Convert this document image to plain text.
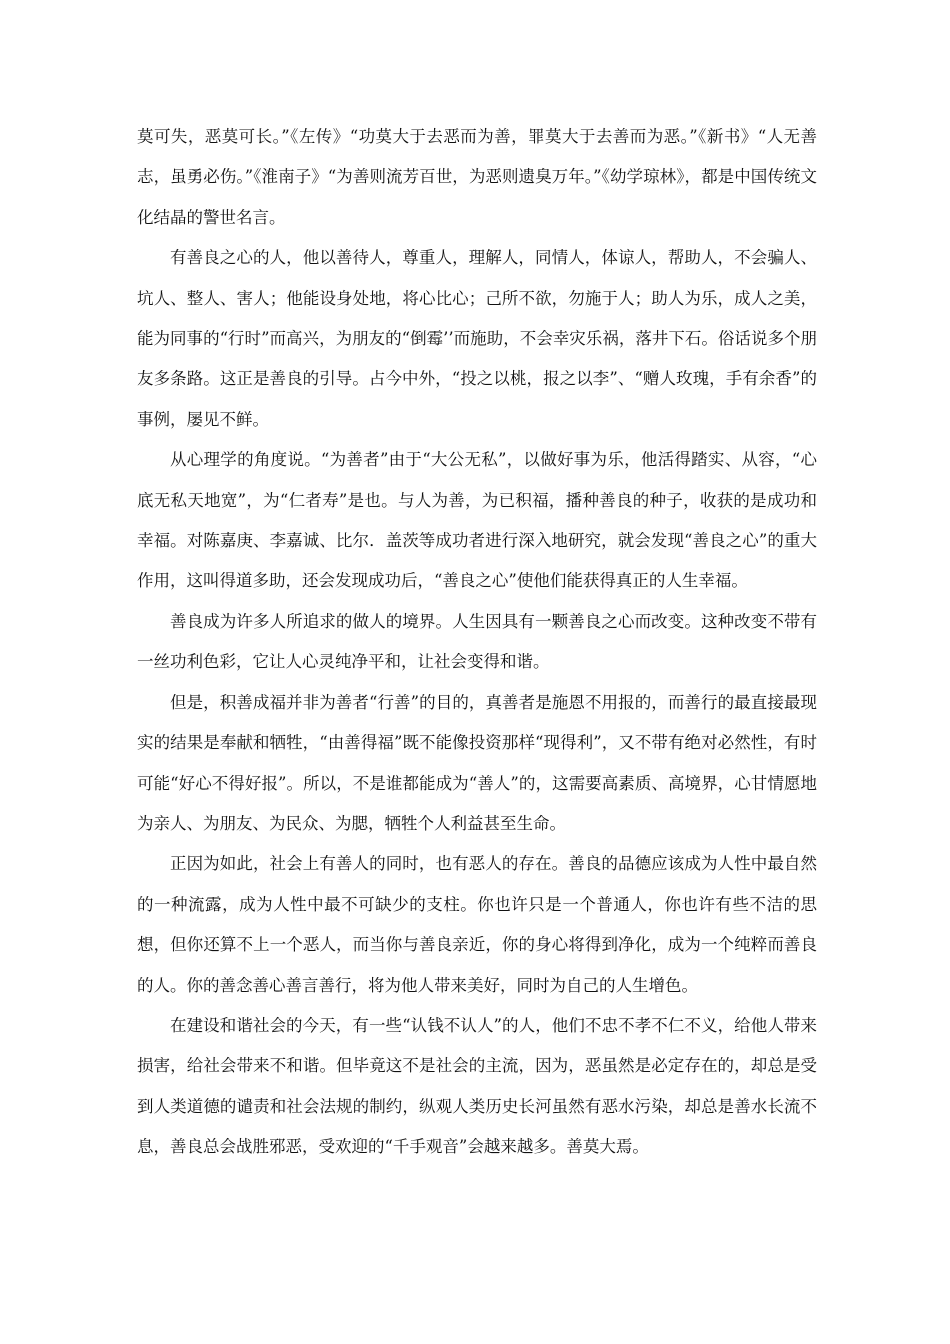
莫可失，恶莫可长。”《左传》“功莫大于去恶而为善，罪莫大于去善而为恶。”《新书》“人无善志，虽勇必伤。”《淮南子》“为善则流芳百世，为恶则遗臭万年。”《幼学琼林》，都是中国传统文化结晶的警世名言。

有善良之心的人，他以善待人，尊重人，理解人，同情人，体谅人，帮助人，不会骗人、坑人、整人、害人；他能设身处地，将心比心；己所不欲，勿施于人；助人为乐，成人之美，能为同事的“行时”而高兴，为朋友的“倒霉’’而施助，不会幸灾乐祸，落井下石。俗话说多个朋友多条路。这正是善良的引导。占今中外，“投之以桃，报之以李”、“赠人玫瑰，手有余香”的事例，屡见不鲜。

从心理学的角度说。“为善者”由于“大公无私”，以做好事为乐，他活得踏实、从容，“心底无私天地宽”，为“仁者寿”是也。与人为善，为已积福，播种善良的种子，收获的是成功和幸福。对陈嘉庚、李嘉诚、比尔．盖茨等成功者进行深入地研究，就会发现“善良之心”的重大作用，这叫得道多助，还会发现成功后，“善良之心”使他们能获得真正的人生幸福。

善良成为许多人所追求的做人的境界。人生因具有一颗善良之心而改变。这种改变不带有一丝功利色彩，它让人心灵纯净平和，让社会变得和谐。

但是，积善成福并非为善者“行善”的目的，真善者是施恩不用报的，而善行的最直接最现实的结果是奉献和牺牲，“由善得福”既不能像投资那样“现得利”，又不带有绝对必然性，有时可能“好心不得好报”。所以，不是谁都能成为“善人”的，这需要高素质、高境界，心甘情愿地为亲人、为朋友、为民众、为腮，牺牲个人利益甚至生命。

正因为如此，社会上有善人的同时，也有恶人的存在。善良的品德应该成为人性中最自然的一种流露，成为人性中最不可缺少的支柱。你也许只是一个普通人，你也许有些不洁的思想，但你还算不上一个恶人，而当你与善良亲近，你的身心将得到净化，成为一个纯粹而善良的人。你的善念善心善言善行，将为他人带来美好，同时为自己的人生增色。

在建设和谐社会的今天，有一些“认钱不认人”的人，他们不忠不孝不仁不义，给他人带来损害，给社会带来不和谐。但毕竟这不是社会的主流，因为，恶虽然是必定存在的，却总是受到人类道德的谴责和社会法规的制约，纵观人类历史长河虽然有恶水污染，却总是善水长流不息，善良总会战胜邪恶，受欢迎的“千手观音”会越来越多。善莫大焉。
